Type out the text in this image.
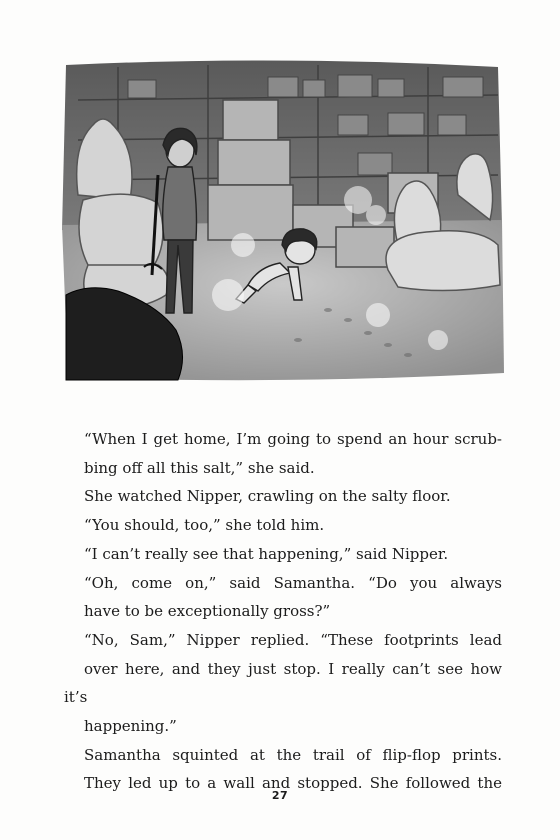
“When I get home, I’m going to spend an hour scrub-
bing off all this salt,” she said.

She watched Nipper, crawling on the salty floor.

“You should, too,” she told him.

“I can’t really see that happening,” said Nipper.

“Oh, come on,” said Samantha. “Do you always
have to be exceptionally gross?”

“No, Sam,” Nipper replied. “These footprints lead
over here, and they just stop. I really can’t see how it’s
happening.”

Samantha squinted at the trail of flip-flop prints.
They led up to a wall and stopped. She followed the

27
